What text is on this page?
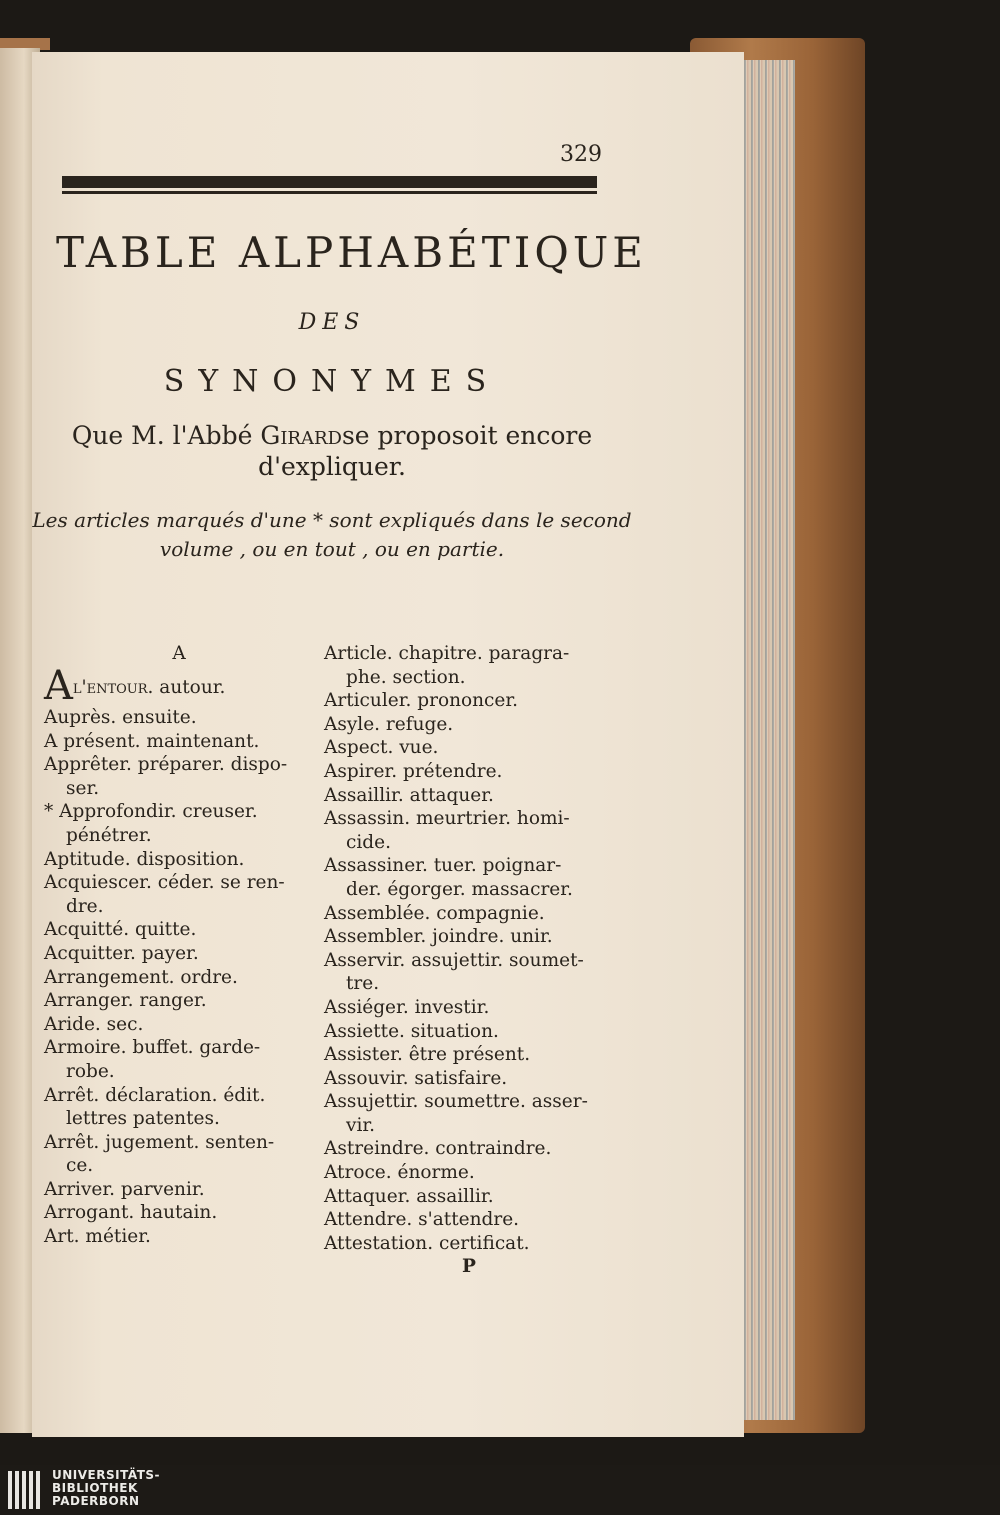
329
TABLE ALPHABÉTIQUE
DES
SYNONYMES
Que M. l'Abbé Girardse proposoit encore d'expliquer.
Les articles marqués d'une * sont expliqués dans le second volume , ou en tout , ou en partie.
A
Al'entour. autour.
Auprès. ensuite.
A présent. maintenant.
Apprêter. préparer. dispo-
ser.
* Approfondir. creuser.
pénétrer.
Aptitude. disposition.
Acquiescer. céder. se ren-
dre.
Acquitté. quitte.
Acquitter. payer.
Arrangement. ordre.
Arranger. ranger.
Aride. sec.
Armoire. buffet. garde-
robe.
Arrêt. déclaration. édit.
lettres patentes.
Arrêt. jugement. senten-
ce.
Arriver. parvenir.
Arrogant. hautain.
Art. métier.
Article. chapitre. paragra-
phe. section.
Articuler. prononcer.
Asyle. refuge.
Aspect. vue.
Aspirer. prétendre.
Assaillir. attaquer.
Assassin. meurtrier. homi-
cide.
Assassiner. tuer. poignar-
der. égorger. massacrer.
Assemblée. compagnie.
Assembler. joindre. unir.
Asservir. assujettir. soumet-
tre.
Assiéger. investir.
Assiette. situation.
Assister. être présent.
Assouvir. satisfaire.
Assujettir. soumettre. asser-
vir.
Astreindre. contraindre.
Atroce. énorme.
Attaquer. assaillir.
Attendre. s'attendre.
Attestation. certificat.
P
UNIVERSITÄTS-
BIBLIOTHEK
PADERBORN
